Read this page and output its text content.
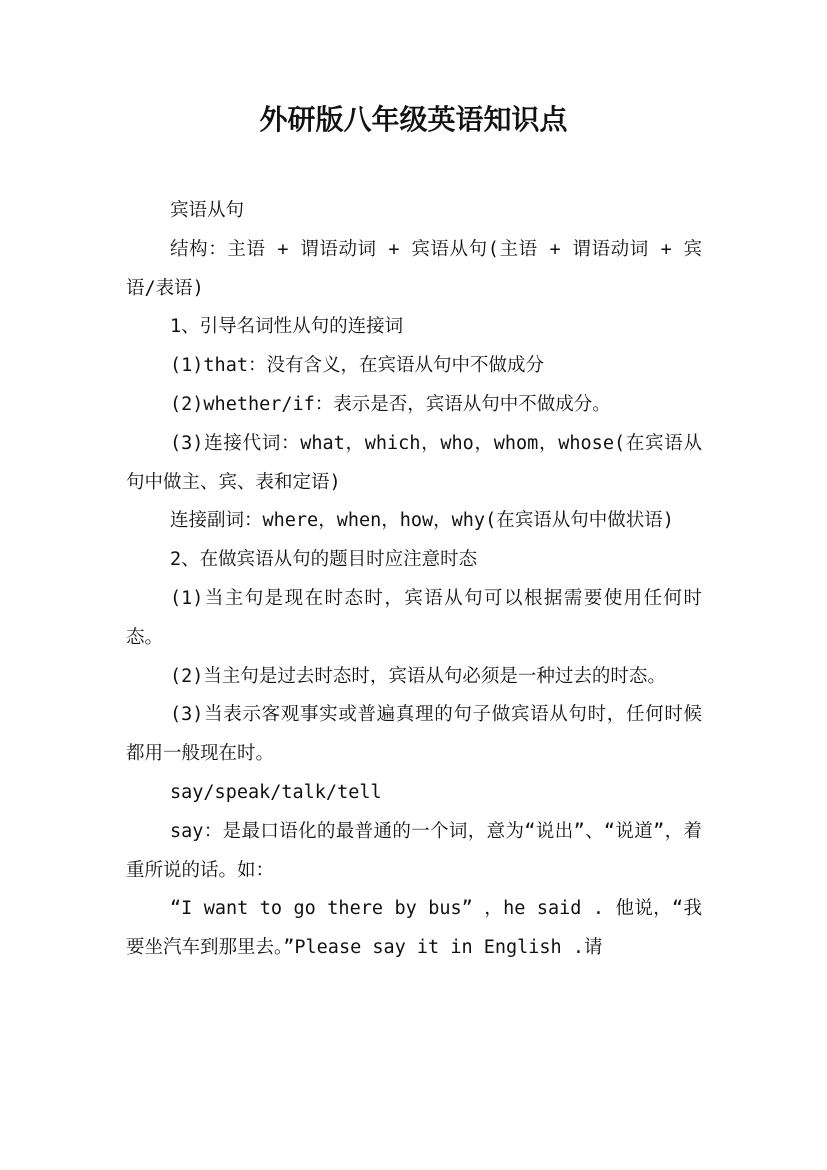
外研版八年级英语知识点

宾语从句

结构：主语 + 谓语动词 + 宾语从句(主语 + 谓语动词 + 宾语/表语)

1、引导名词性从句的连接词

(1)that：没有含义，在宾语从句中不做成分

(2)whether/if：表示是否，宾语从句中不做成分。

(3)连接代词：what，which，who，whom，whose(在宾语从句中做主、宾、表和定语)

连接副词：where，when，how，why(在宾语从句中做状语)

2、在做宾语从句的题目时应注意时态

(1)当主句是现在时态时，宾语从句可以根据需要使用任何时态。

(2)当主句是过去时态时，宾语从句必须是一种过去的时态。

(3)当表示客观事实或普遍真理的句子做宾语从句时，任何时候都用一般现在时。

say/speak/talk/tell

say：是最口语化的最普通的一个词，意为“说出”、“说道”，着重所说的话。如：

“I want to go there by bus” ，he said . 他说，“我要坐汽车到那里去。”Please say it in English .请
